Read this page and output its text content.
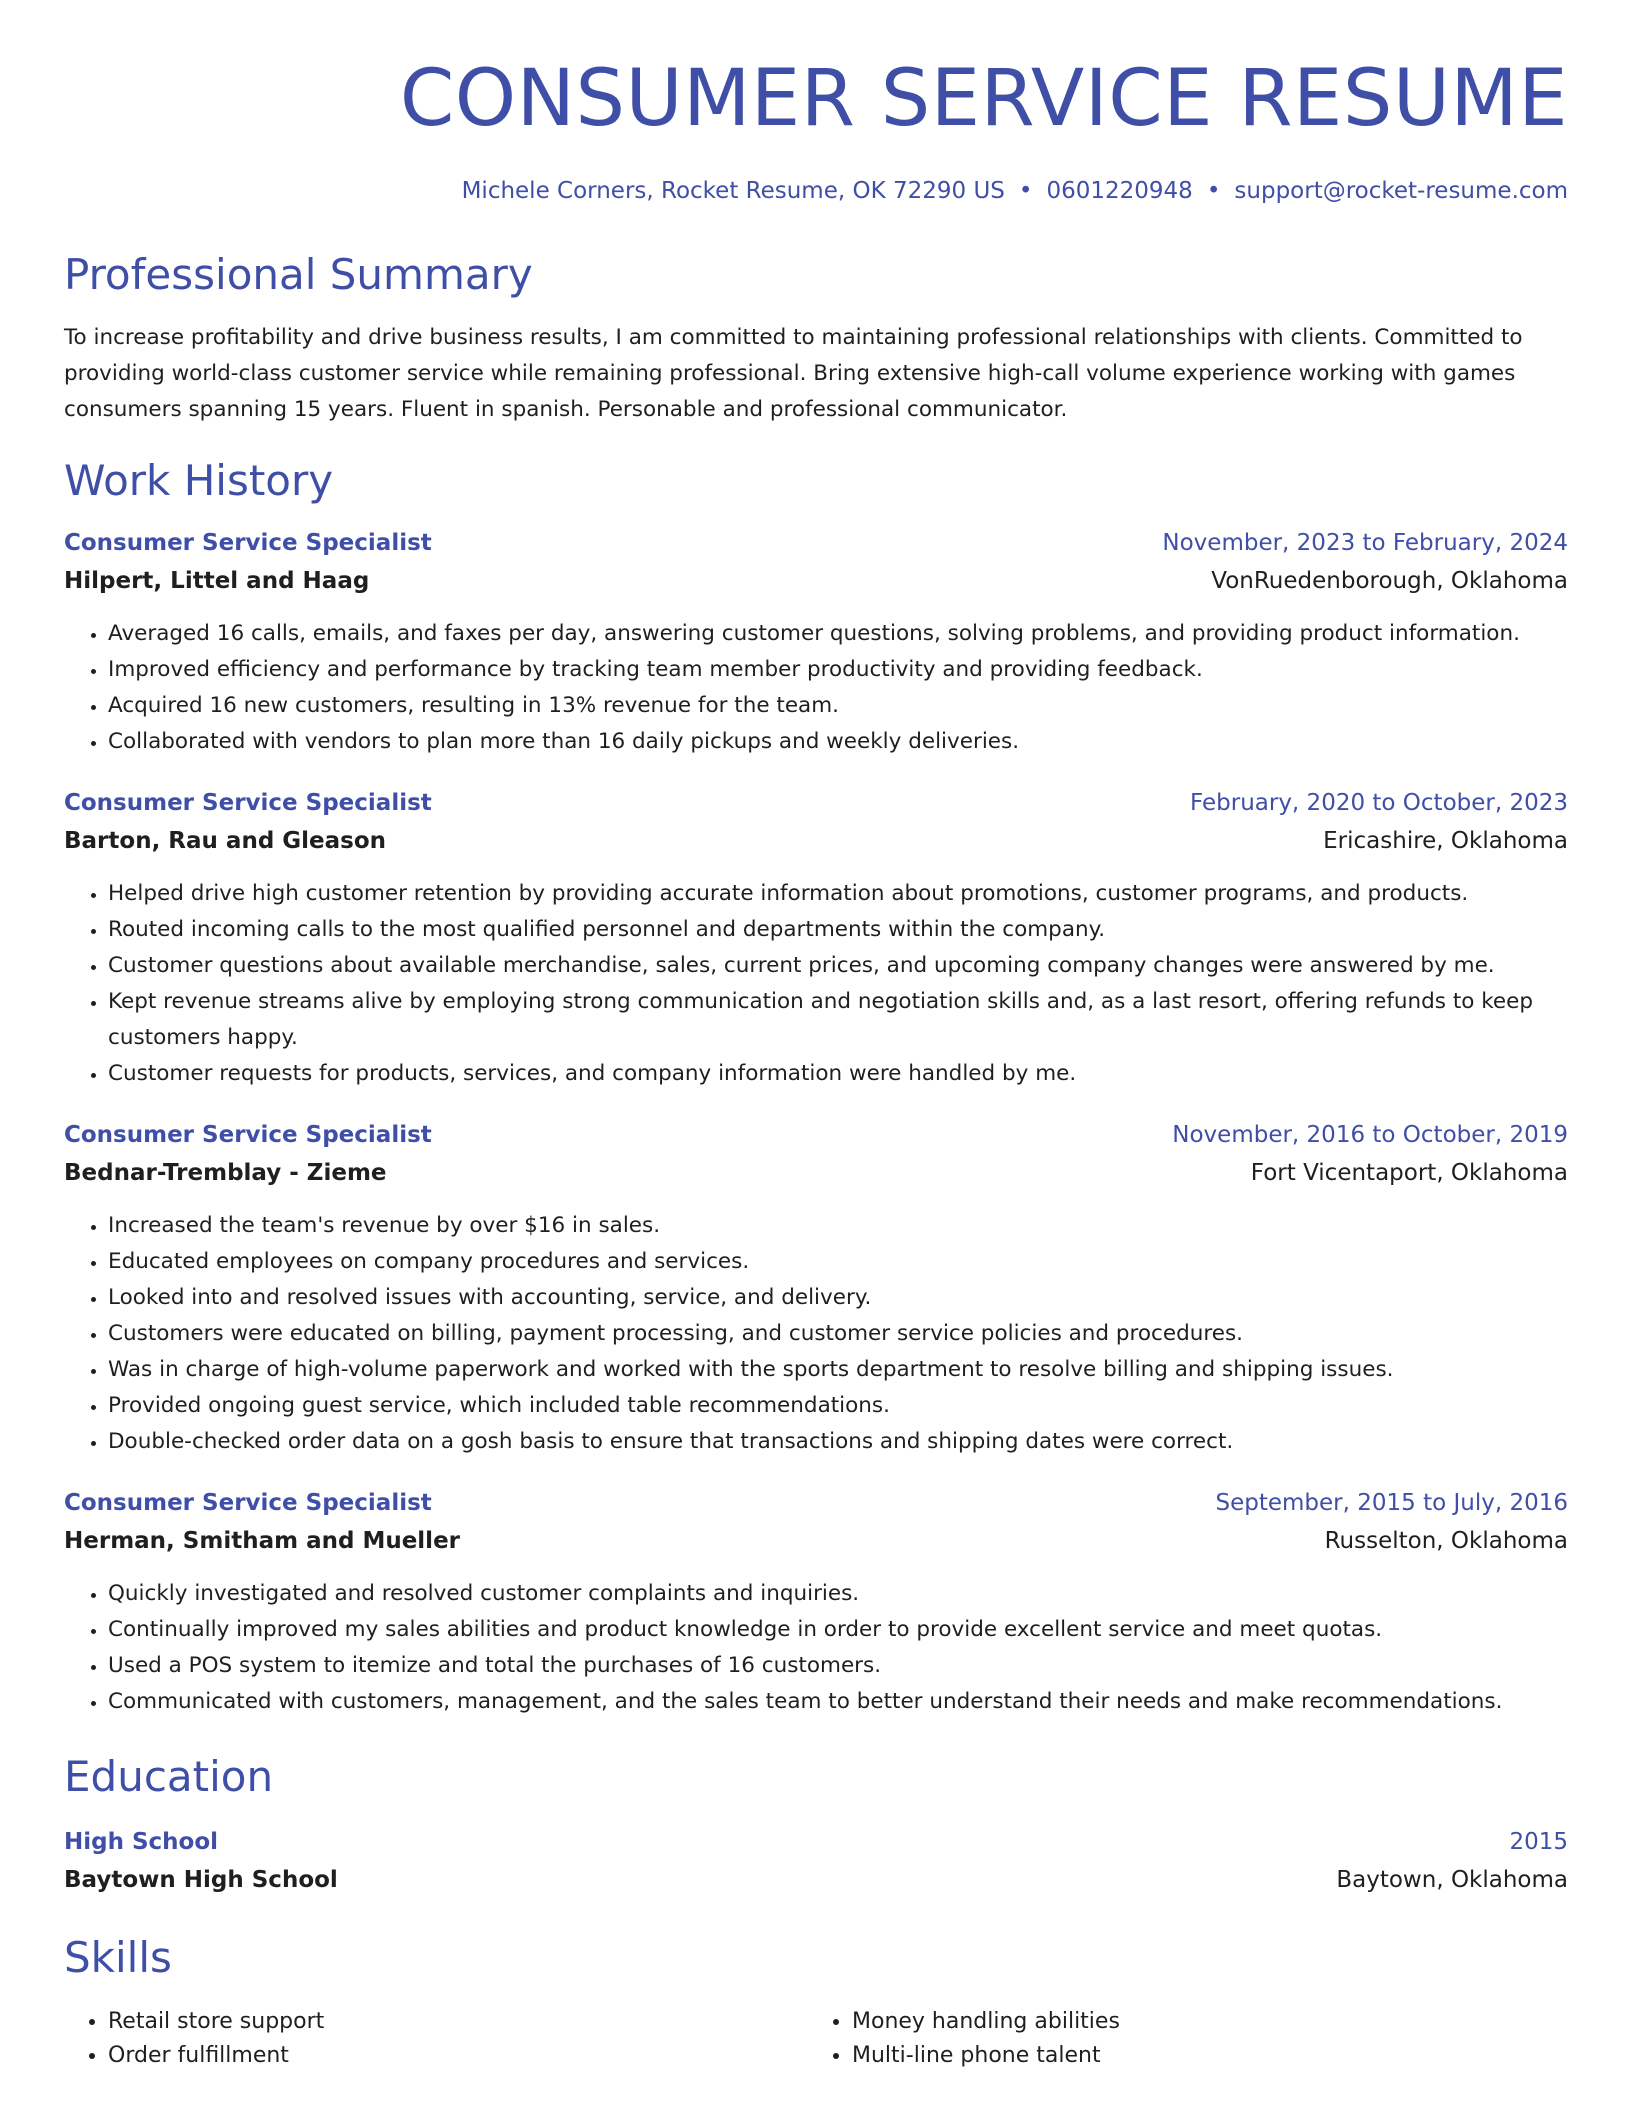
CONSUMER SERVICE RESUME
Michele Corners, Rocket Resume, OK 72290 US • 0601220948 • support@rocket-resume.com
Professional Summary
To increase profitability and drive business results, I am committed to maintaining professional relationships with clients. Committed to providing world-class customer service while remaining professional. Bring extensive high-call volume experience working with games consumers spanning 15 years. Fluent in spanish. Personable and professional communicator.
Work History
Consumer Service Specialist	November, 2023 to February, 2024
Hilpert, Littel and Haag	VonRuedenborough, Oklahoma
• Averaged 16 calls, emails, and faxes per day, answering customer questions, solving problems, and providing product information.
• Improved efficiency and performance by tracking team member productivity and providing feedback.
• Acquired 16 new customers, resulting in 13% revenue for the team.
• Collaborated with vendors to plan more than 16 daily pickups and weekly deliveries.
Consumer Service Specialist	February, 2020 to October, 2023
Barton, Rau and Gleason	Ericashire, Oklahoma
• Helped drive high customer retention by providing accurate information about promotions, customer programs, and products.
• Routed incoming calls to the most qualified personnel and departments within the company.
• Customer questions about available merchandise, sales, current prices, and upcoming company changes were answered by me.
• Kept revenue streams alive by employing strong communication and negotiation skills and, as a last resort, offering refunds to keep customers happy.
• Customer requests for products, services, and company information were handled by me.
Consumer Service Specialist	November, 2016 to October, 2019
Bednar-Tremblay - Zieme	Fort Vicentaport, Oklahoma
• Increased the team's revenue by over $16 in sales.
• Educated employees on company procedures and services.
• Looked into and resolved issues with accounting, service, and delivery.
• Customers were educated on billing, payment processing, and customer service policies and procedures.
• Was in charge of high-volume paperwork and worked with the sports department to resolve billing and shipping issues.
• Provided ongoing guest service, which included table recommendations.
• Double-checked order data on a gosh basis to ensure that transactions and shipping dates were correct.
Consumer Service Specialist	September, 2015 to July, 2016
Herman, Smitham and Mueller	Russelton, Oklahoma
• Quickly investigated and resolved customer complaints and inquiries.
• Continually improved my sales abilities and product knowledge in order to provide excellent service and meet quotas.
• Used a POS system to itemize and total the purchases of 16 customers.
• Communicated with customers, management, and the sales team to better understand their needs and make recommendations.
Education
High School	2015
Baytown High School	Baytown, Oklahoma
Skills
• Retail store support
• Order fulfillment
• Money handling abilities
• Multi-line phone talent
